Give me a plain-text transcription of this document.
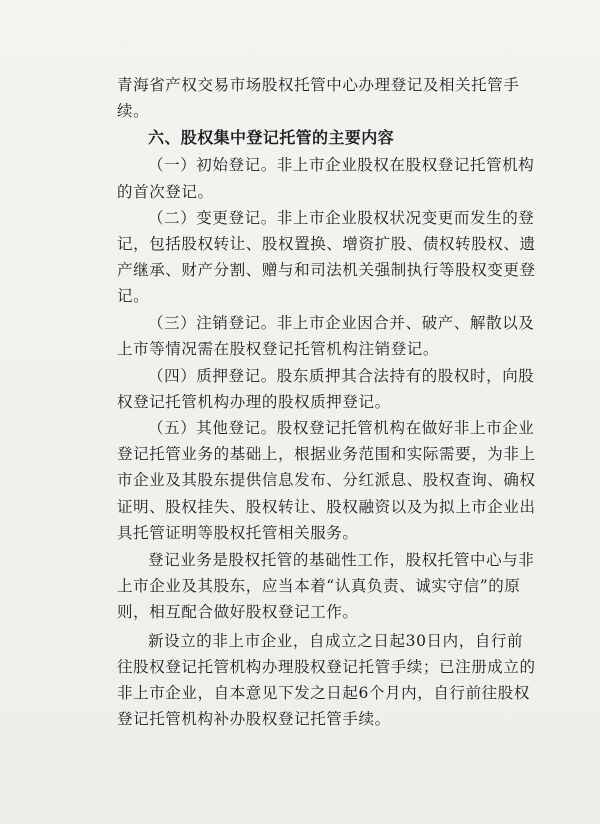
青海省产权交易市场股权托管中心办理登记及相关托管手
续。
六、股权集中登记托管的主要内容
（一）初始登记。非上市企业股权在股权登记托管机构
的首次登记。
（二）变更登记。非上市企业股权状况变更而发生的登
记，包括股权转让、股权置换、增资扩股、债权转股权、遗
产继承、财产分割、赠与和司法机关强制执行等股权变更登
记。
（三）注销登记。非上市企业因合并、破产、解散以及
上市等情况需在股权登记托管机构注销登记。
（四）质押登记。股东质押其合法持有的股权时，向股
权登记托管机构办理的股权质押登记。
（五）其他登记。股权登记托管机构在做好非上市企业
登记托管业务的基础上，根据业务范围和实际需要，为非上
市企业及其股东提供信息发布、分红派息、股权查询、确权
证明、股权挂失、股权转让、股权融资以及为拟上市企业出
具托管证明等股权托管相关服务。
登记业务是股权托管的基础性工作，股权托管中心与非
上市企业及其股东，应当本着“认真负责、诚实守信”的原
则，相互配合做好股权登记工作。
新设立的非上市企业，自成立之日起30日内，自行前
往股权登记托管机构办理股权登记托管手续；已注册成立的
非上市企业，自本意见下发之日起6个月内，自行前往股权
登记托管机构补办股权登记托管手续。
